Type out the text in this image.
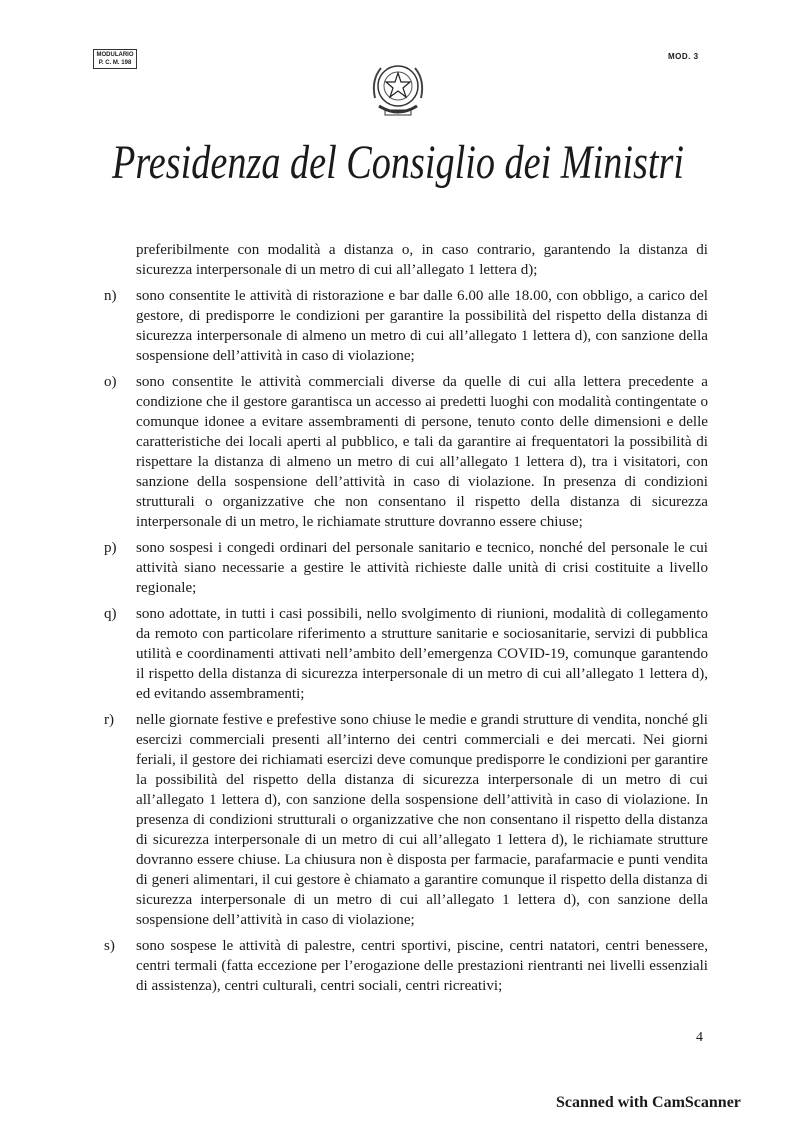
MODULARIO
P. C. M. 198
MOD. 3
Presidenza del Consiglio dei Ministri

preferibilmente con modalità a distanza o, in caso contrario, garantendo la distanza di sicurezza interpersonale di un metro di cui all’allegato 1 lettera d);

n)	sono consentite le attività di ristorazione e bar dalle 6.00 alle 18.00, con obbligo, a carico del gestore, di predisporre le condizioni per garantire la possibilità del rispetto della distanza di sicurezza interpersonale di almeno un metro di cui all’allegato 1 lettera d), con sanzione della sospensione dell’attività in caso di violazione;
o)	sono consentite le attività commerciali diverse da quelle di cui alla lettera precedente a condizione che il gestore garantisca un accesso ai predetti luoghi con modalità contingentate o comunque idonee a evitare assembramenti di persone, tenuto conto delle dimensioni e delle caratteristiche dei locali aperti al pubblico, e tali da garantire ai frequentatori la possibilità di rispettare la distanza di almeno un metro di cui all’allegato 1 lettera d), tra i visitatori, con sanzione della sospensione dell’attività in caso di violazione. In presenza di condizioni strutturali o organizzative che non consentano il rispetto della distanza di sicurezza interpersonale di un metro, le richiamate strutture dovranno essere chiuse;
p)	sono sospesi i congedi ordinari del personale sanitario e tecnico, nonché del personale le cui attività siano necessarie a gestire le attività richieste dalle unità di crisi costituite a livello regionale;
q)	sono adottate, in tutti i casi possibili, nello svolgimento di riunioni, modalità di collegamento da remoto con particolare riferimento a strutture sanitarie e sociosanitarie, servizi di pubblica utilità e coordinamenti attivati nell’ambito dell’emergenza COVID-19, comunque garantendo il rispetto della distanza di sicurezza interpersonale di un metro di cui all’allegato 1 lettera d), ed evitando assembramenti;
r)	nelle giornate festive e prefestive sono chiuse le medie e grandi strutture di vendita, nonché gli esercizi commerciali presenti all’interno dei centri commerciali e dei mercati. Nei giorni feriali, il gestore dei richiamati esercizi deve comunque predisporre le condizioni per garantire la possibilità del rispetto della distanza di sicurezza interpersonale di un metro di cui all’allegato 1 lettera d), con sanzione della sospensione dell’attività in caso di violazione. In presenza di condizioni strutturali o organizzative che non consentano il rispetto della distanza di sicurezza interpersonale di un metro di cui all’allegato 1 lettera d), le richiamate strutture dovranno essere chiuse. La chiusura non è disposta per farmacie, parafarmacie e punti vendita di generi alimentari, il cui gestore è chiamato a garantire comunque il rispetto della distanza di sicurezza interpersonale di un metro di cui all’allegato 1 lettera d), con sanzione della sospensione dell’attività in caso di violazione;
s)	sono sospese le attività di palestre, centri sportivi, piscine, centri natatori, centri benessere, centri termali (fatta eccezione per l’erogazione delle prestazioni rientranti nei livelli essenziali di assistenza), centri culturali, centri sociali, centri ricreativi;
4
Scanned with CamScanner
